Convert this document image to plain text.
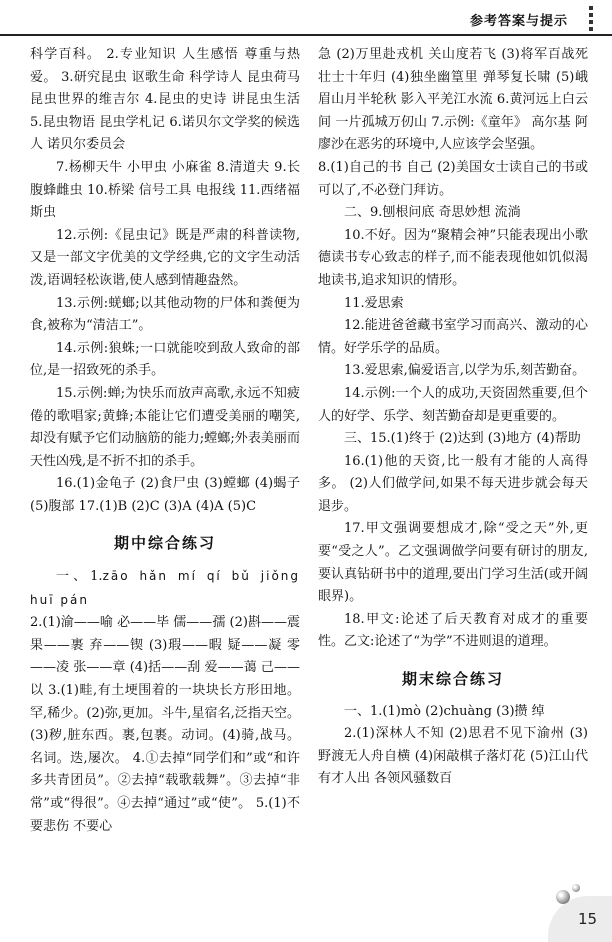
参考答案与提示

科学百科。 2.专业知识 人生感悟 尊重与热爱。 3.研究昆虫 讴歌生命 科学诗人 昆虫荷马 昆虫世界的维吉尔 4.昆虫的史诗 讲昆虫生活 5.昆虫物语 昆虫学札记 6.诺贝尔文学奖的候选人 诺贝尔委员会

7.杨柳天牛 小甲虫 小麻雀 8.清道夫 9.长腹蜂雌虫 10.桥梁 信号工具 电报线 11.西绪福斯虫

12.示例:《昆虫记》既是严肃的科普读物,又是一部文字优美的文学经典,它的文字生动活泼,语调轻松诙谐,使人感到情趣盎然。

13.示例:蜣螂;以其他动物的尸体和粪便为食,被称为“清洁工”。

14.示例:狼蛛;一口就能咬到敌人致命的部位,是一招致死的杀手。

15.示例:蝉;为快乐而放声高歌,永远不知疲倦的歌唱家;黄蜂;本能让它们遭受美丽的嘲笑,却没有赋予它们动脑筋的能力;螳螂;外表美丽而天性凶残,是不折不扣的杀手。

16.(1)金龟子 (2)食尸虫 (3)螳螂 (4)蝎子 (5)腹部 17.(1)B (2)C (3)A (4)A (5)C

期中综合练习

一、1.zāo hǎn mí qí bǔ jiǒng huī pán

2.(1)渝——喻 必——毕 儒——孺 (2)斟——震 果——裹 弃——锲 (3)瑕——暇 疑——凝 零——凌 张——章 (4)括——刮 爱——蔼 己——以 3.(1)畦,有土埂围着的一块块长方形田地。罕,稀少。(2)弥,更加。斗牛,星宿名,泛指天空。(3)秽,脏东西。裹,包裹。动词。(4)骑,战马。名词。迭,屡次。 4.①去掉“同学们和”或“和许多共青团员”。②去掉“载歌载舞”。③去掉“非常”或“得很”。④去掉“通过”或“使”。 5.(1)不要悲伤 不要心

急 (2)万里赴戎机 关山度若飞 (3)将军百战死 壮士十年归 (4)独坐幽篁里 弹琴复长啸 (5)峨眉山月半轮秋 影入平羌江水流 6.黄河远上白云间 一片孤城万仞山 7.示例:《童年》 高尔基 阿廖沙在恶劣的环境中,人应该学会坚强。

8.(1)自己的书 自己 (2)美国女士读自己的书或可以了,不必登门拜访。

二、9.刨根问底 奇思妙想 流淌

10.不好。因为“聚精会神”只能表现出小歌德读书专心致志的样子,而不能表现他如饥似渴地读书,追求知识的情形。

11.爱思索

12.能进爸爸藏书室学习而高兴、激动的心情。好学乐学的品质。

13.爱思索,偏爱语言,以学为乐,刻苦勤奋。

14.示例:一个人的成功,天资固然重要,但个人的好学、乐学、刻苦勤奋却是更重要的。

三、15.(1)终于 (2)达到 (3)地方 (4)帮助

16.(1)他的天资,比一般有才能的人高得多。 (2)人们做学问,如果不每天进步就会每天退步。

17.甲文强调要想成才,除“受之天”外,更要“受之人”。乙文强调做学问要有研讨的朋友,要认真钻研书中的道理,要出门学习生活(或开阔眼界)。

18.甲文:论述了后天教育对成才的重要性。乙文:论述了“为学”不进则退的道理。

期末综合练习

一、1.(1)mò (2)chuàng (3)攒 绰

2.(1)深林人不知 (2)思君不见下渝州 (3)野渡无人舟自横 (4)闲敲棋子落灯花 (5)江山代有才人出 各领风骚数百

15
